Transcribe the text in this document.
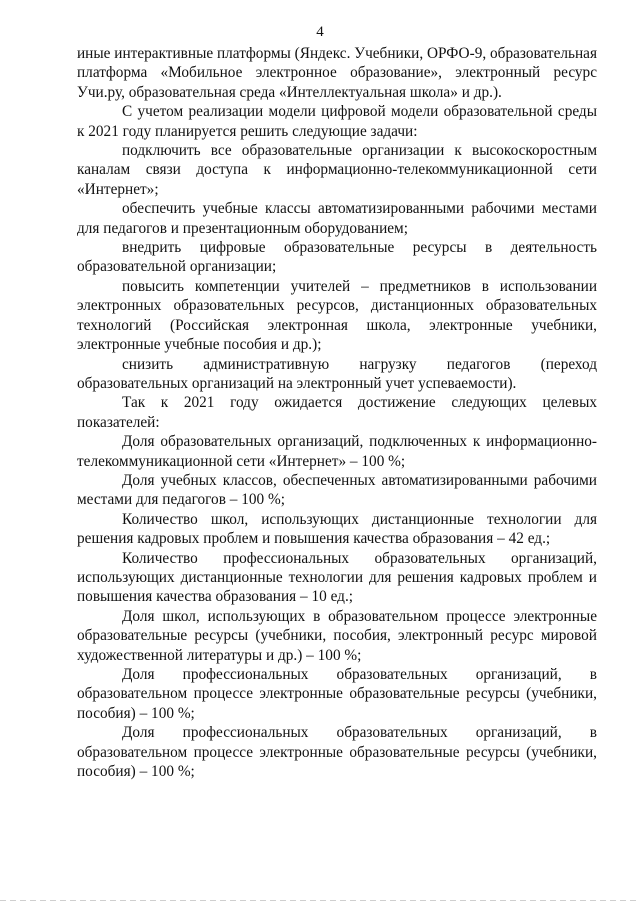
4

иные интерактивные платформы (Яндекс. Учебники, ОРФО-9, образовательная платформа «Мобильное электронное образование», электронный ресурс Учи.ру, образовательная среда «Интеллектуальная школа» и др.).

С учетом реализации модели цифровой модели образовательной среды к 2021 году планируется решить следующие задачи:

подключить все образовательные организации к высокоскоростным каналам связи доступа к информационно-телекоммуникационной сети «Интернет»;

обеспечить учебные классы автоматизированными рабочими местами для педагогов и презентационным оборудованием;

внедрить цифровые образовательные ресурсы в деятельность образовательной организации;

повысить компетенции учителей – предметников в использовании электронных образовательных ресурсов, дистанционных образовательных технологий (Российская электронная школа, электронные учебники, электронные учебные пособия и др.);

снизить административную нагрузку педагогов (переход образовательных организаций на электронный учет успеваемости).

Так к 2021 году ожидается достижение следующих целевых показателей:

Доля образовательных организаций, подключенных к информационно-телекоммуникационной сети «Интернет» – 100 %;

Доля учебных классов, обеспеченных автоматизированными рабочими местами для педагогов – 100 %;

Количество школ, использующих дистанционные технологии для решения кадровых проблем и повышения качества образования – 42 ед.;

Количество профессиональных образовательных организаций, использующих дистанционные технологии для решения кадровых проблем и повышения качества образования – 10 ед.;

Доля школ, использующих в образовательном процессе электронные образовательные ресурсы (учебники, пособия, электронный ресурс мировой художественной литературы и др.) – 100 %;

Доля профессиональных образовательных организаций, в образовательном процессе электронные образовательные ресурсы (учебники, пособия) – 100 %;

Доля профессиональных образовательных организаций, в образовательном процессе электронные образовательные ресурсы (учебники, пособия) – 100 %;
